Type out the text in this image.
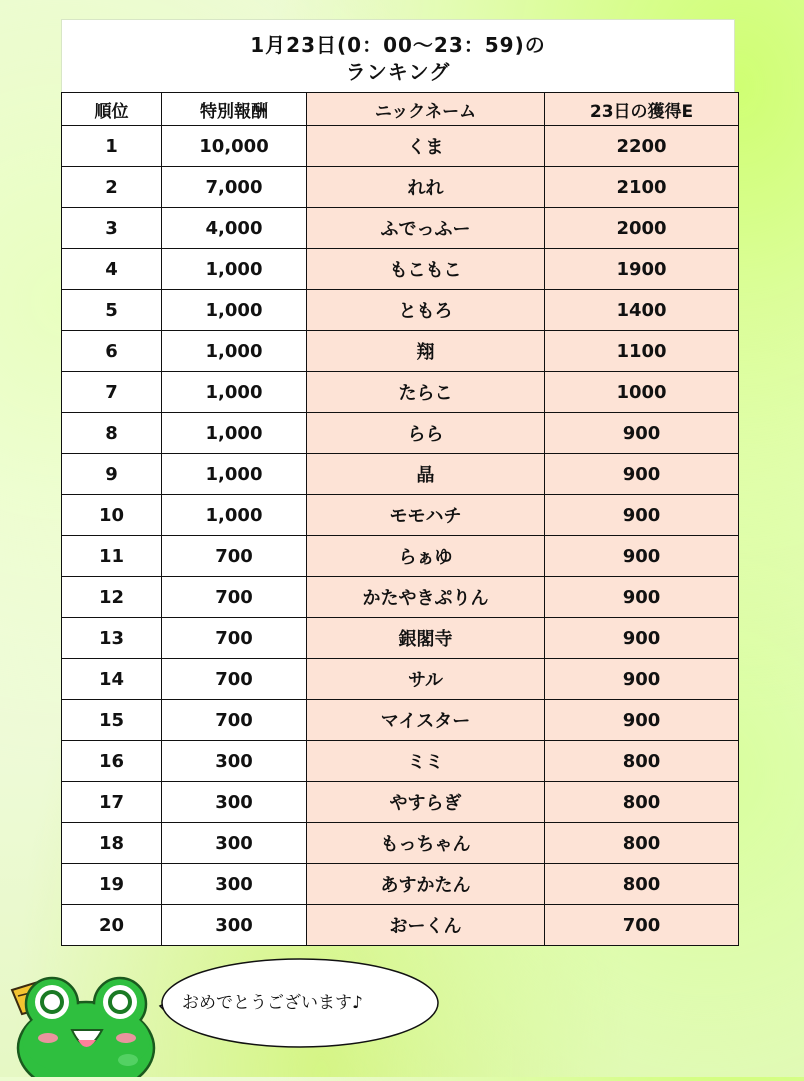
1月23日(0：00～23：59)の
ランキング
順位	特別報酬	ニックネーム	23日の獲得E
1	10,000	くま	2200
2	7,000	れれ	2100
3	4,000	ふでっふー	2000
4	1,000	もこもこ	1900
5	1,000	ともろ	1400
6	1,000	翔	1100
7	1,000	たらこ	1000
8	1,000	らら	900
9	1,000	晶	900
10	1,000	モモハチ	900
11	700	らぁゆ	900
12	700	かたやきぷりん	900
13	700	銀閣寺	900
14	700	サル	900
15	700	マイスター	900
16	300	ミミ	800
17	300	やすらぎ	800
18	300	もっちゃん	800
19	300	あすかたん	800
20	300	おーくん	700
おめでとうございます♪
